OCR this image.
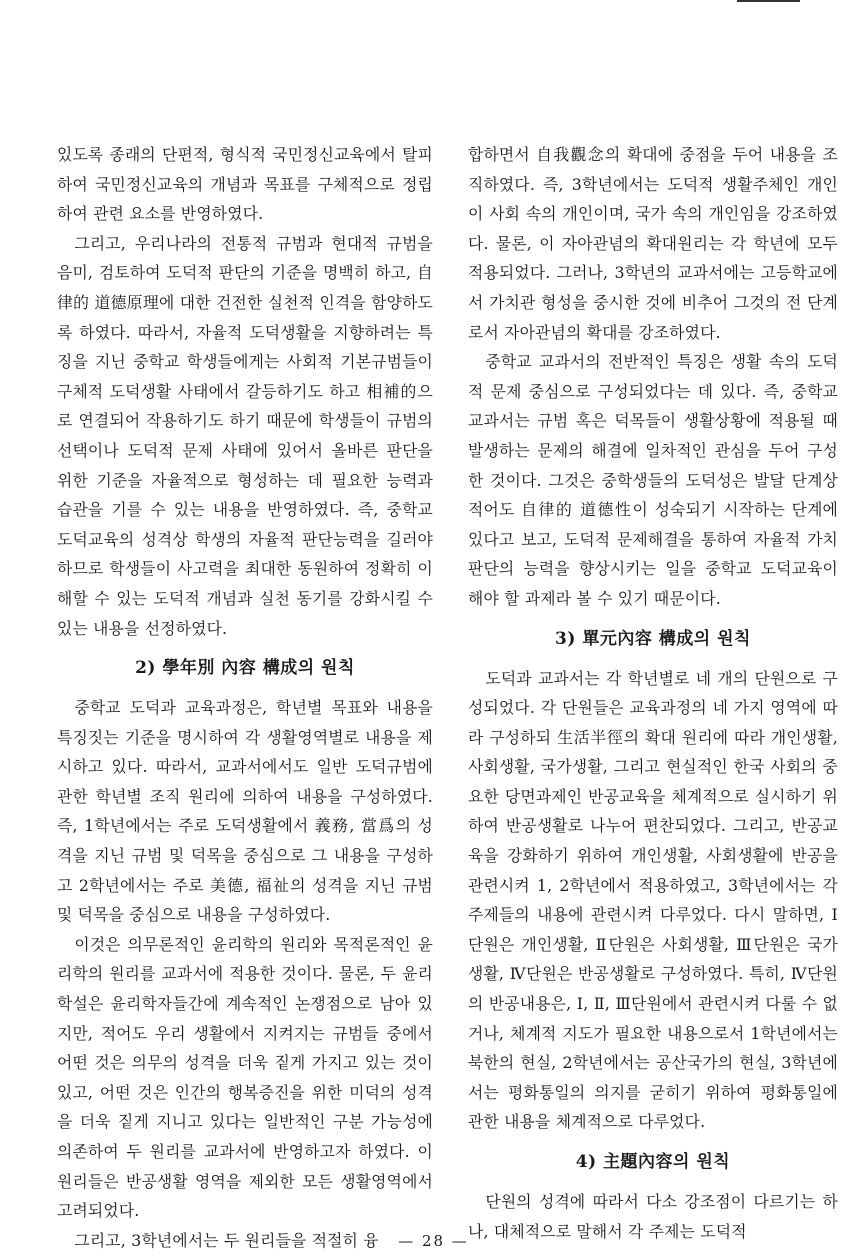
있도록 종래의 단편적, 형식적 국민정신교육에서 탈피하여 국민정신교육의 개념과 목표를 구체적으로 정립하여 관련 요소를 반영하였다.

그리고, 우리나라의 전통적 규범과 현대적 규범을 음미, 검토하여 도덕적 판단의 기준을 명백히 하고, 自律的 道德原理에 대한 건전한 실천적 인격을 함양하도록 하였다. 따라서, 자율적 도덕생활을 지향하려는 특징을 지닌 중학교 학생들에게는 사회적 기본규범들이 구체적 도덕생활 사태에서 갈등하기도 하고 相補的으로 연결되어 작용하기도 하기 때문에 학생들이 규범의 선택이나 도덕적 문제 사태에 있어서 올바른 판단을 위한 기준을 자율적으로 형성하는 데 필요한 능력과 습관을 기를 수 있는 내용을 반영하였다. 즉, 중학교 도덕교육의 성격상 학생의 자율적 판단능력을 길러야 하므로 학생들이 사고력을 최대한 동원하여 정확히 이해할 수 있는 도덕적 개념과 실천 동기를 강화시킬 수 있는 내용을 선정하였다.

2) 學年別 內容 構成의 원칙

중학교 도덕과 교육과정은, 학년별 목표와 내용을 특징짓는 기준을 명시하여 각 생활영역별로 내용을 제시하고 있다. 따라서, 교과서에서도 일반 도덕규범에 관한 학년별 조직 원리에 의하여 내용을 구성하였다. 즉, 1학년에서는 주로 도덕생활에서 義務, 當爲의 성격을 지닌 규범 및 덕목을 중심으로 그 내용을 구성하고 2학년에서는 주로 美德, 福祉의 성격을 지닌 규범 및 덕목을 중심으로 내용을 구성하였다.

이것은 의무론적인 윤리학의 원리와 목적론적인 윤리학의 원리를 교과서에 적용한 것이다. 물론, 두 윤리학설은 윤리학자들간에 계속적인 논쟁점으로 남아 있지만, 적어도 우리 생활에서 지켜지는 규범들 중에서 어떤 것은 의무의 성격을 더욱 짙게 가지고 있는 것이 있고, 어떤 것은 인간의 행복증진을 위한 미덕의 성격을 더욱 짙게 지니고 있다는 일반적인 구분 가능성에 의존하여 두 원리를 교과서에 반영하고자 하였다. 이 원리들은 반공생활 영역을 제외한 모든 생활영역에서 고려되었다.

그리고, 3학년에서는 두 원리들을 적절히 융

합하면서 自我觀念의 확대에 중점을 두어 내용을 조직하였다. 즉, 3학년에서는 도덕적 생활주체인 개인이 사회 속의 개인이며, 국가 속의 개인임을 강조하였다. 물론, 이 자아관념의 확대원리는 각 학년에 모두 적용되었다. 그러나, 3학년의 교과서에는 고등학교에서 가치관 형성을 중시한 것에 비추어 그것의 전 단계로서 자아관념의 확대를 강조하였다.

중학교 교과서의 전반적인 특징은 생활 속의 도덕적 문제 중심으로 구성되었다는 데 있다. 즉, 중학교 교과서는 규범 혹은 덕목들이 생활상황에 적용될 때 발생하는 문제의 해결에 일차적인 관심을 두어 구성한 것이다. 그것은 중학생들의 도덕성은 발달 단계상 적어도 自律的 道德性이 성숙되기 시작하는 단계에 있다고 보고, 도덕적 문제해결을 통하여 자율적 가치판단의 능력을 향상시키는 일을 중학교 도덕교육이 해야 할 과제라 볼 수 있기 때문이다.

3) 單元內容 構成의 원칙

도덕과 교과서는 각 학년별로 네 개의 단원으로 구성되었다. 각 단원들은 교육과정의 네 가지 영역에 따라 구성하되 生活半徑의 확대 원리에 따라 개인생활, 사회생활, 국가생활, 그리고 현실적인 한국 사회의 중요한 당면과제인 반공교육을 체계적으로 실시하기 위하여 반공생활로 나누어 편찬되었다. 그리고, 반공교육을 강화하기 위하여 개인생활, 사회생활에 반공을 관련시켜 1, 2학년에서 적용하였고, 3학년에서는 각 주제들의 내용에 관련시켜 다루었다. 다시 말하면, Ⅰ단원은 개인생활, Ⅱ단원은 사회생활, Ⅲ단원은 국가생활, Ⅳ단원은 반공생활로 구성하였다. 특히, Ⅳ단원의 반공내용은, Ⅰ, Ⅱ, Ⅲ단원에서 관련시켜 다룰 수 없거나, 체계적 지도가 필요한 내용으로서 1학년에서는 북한의 현실, 2학년에서는 공산국가의 현실, 3학년에서는 평화통일의 의지를 굳히기 위하여 평화통일에 관한 내용을 체계적으로 다루었다.

4) 主題內容의 원칙

단원의 성격에 따라서 다소 강조점이 다르기는 하나, 대체적으로 말해서 각 주제는 도덕적

— 28 —
